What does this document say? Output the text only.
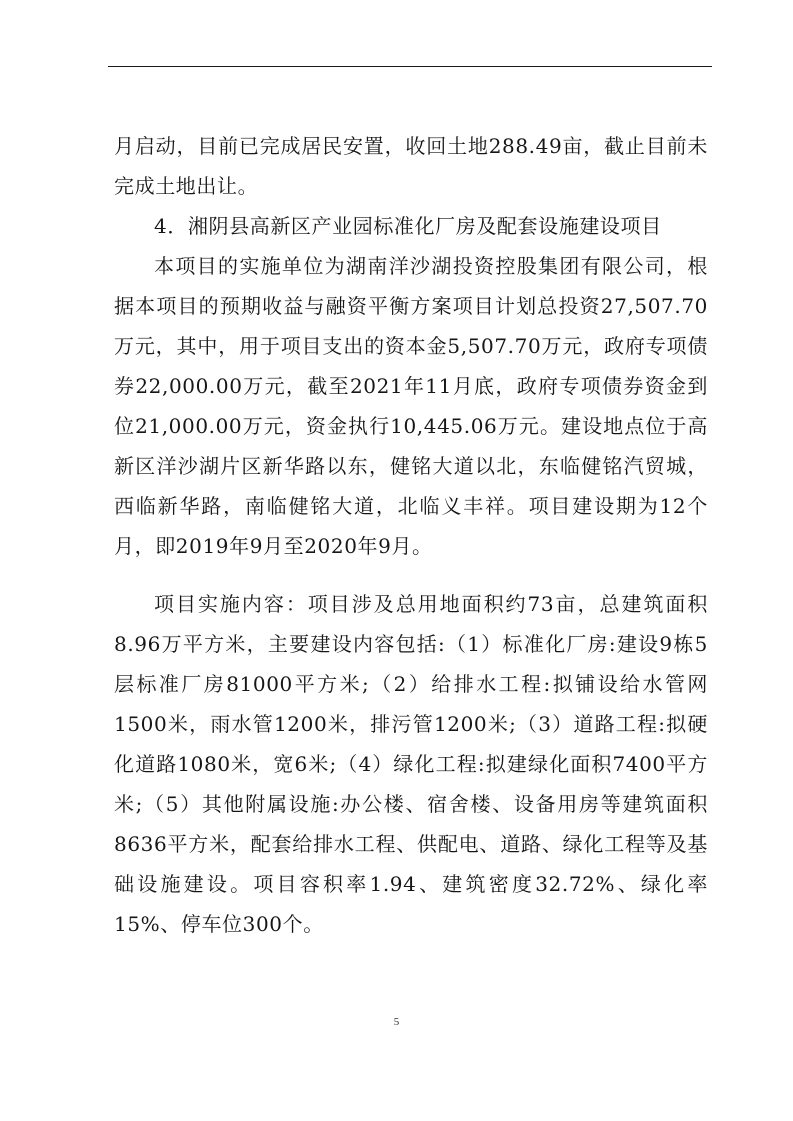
月启动，目前已完成居民安置，收回土地288.49亩，截止目前未完成土地出让。

4．湘阴县高新区产业园标准化厂房及配套设施建设项目

本项目的实施单位为湖南洋沙湖投资控股集团有限公司，根据本项目的预期收益与融资平衡方案项目计划总投资27,507.70万元，其中，用于项目支出的资本金5,507.70万元，政府专项债券22,000.00万元，截至2021年11月底，政府专项债券资金到位21,000.00万元，资金执行10,445.06万元。建设地点位于高新区洋沙湖片区新华路以东，健铭大道以北，东临健铭汽贸城，西临新华路，南临健铭大道，北临义丰祥。项目建设期为12个月，即2019年9月至2020年9月。

项目实施内容：项目涉及总用地面积约73亩，总建筑面积8.96万平方米，主要建设内容包括:（1）标准化厂房:建设9栋5层标准厂房81000平方米;（2）给排水工程:拟铺设给水管网1500米，雨水管1200米，排污管1200米;（3）道路工程:拟硬化道路1080米，宽6米;（4）绿化工程:拟建绿化面积7400平方米;（5）其他附属设施:办公楼、宿舍楼、设备用房等建筑面积8636平方米，配套给排水工程、供配电、道路、绿化工程等及基础设施建设。项目容积率1.94、建筑密度32.72%、绿化率15%、停车位300个。

5
